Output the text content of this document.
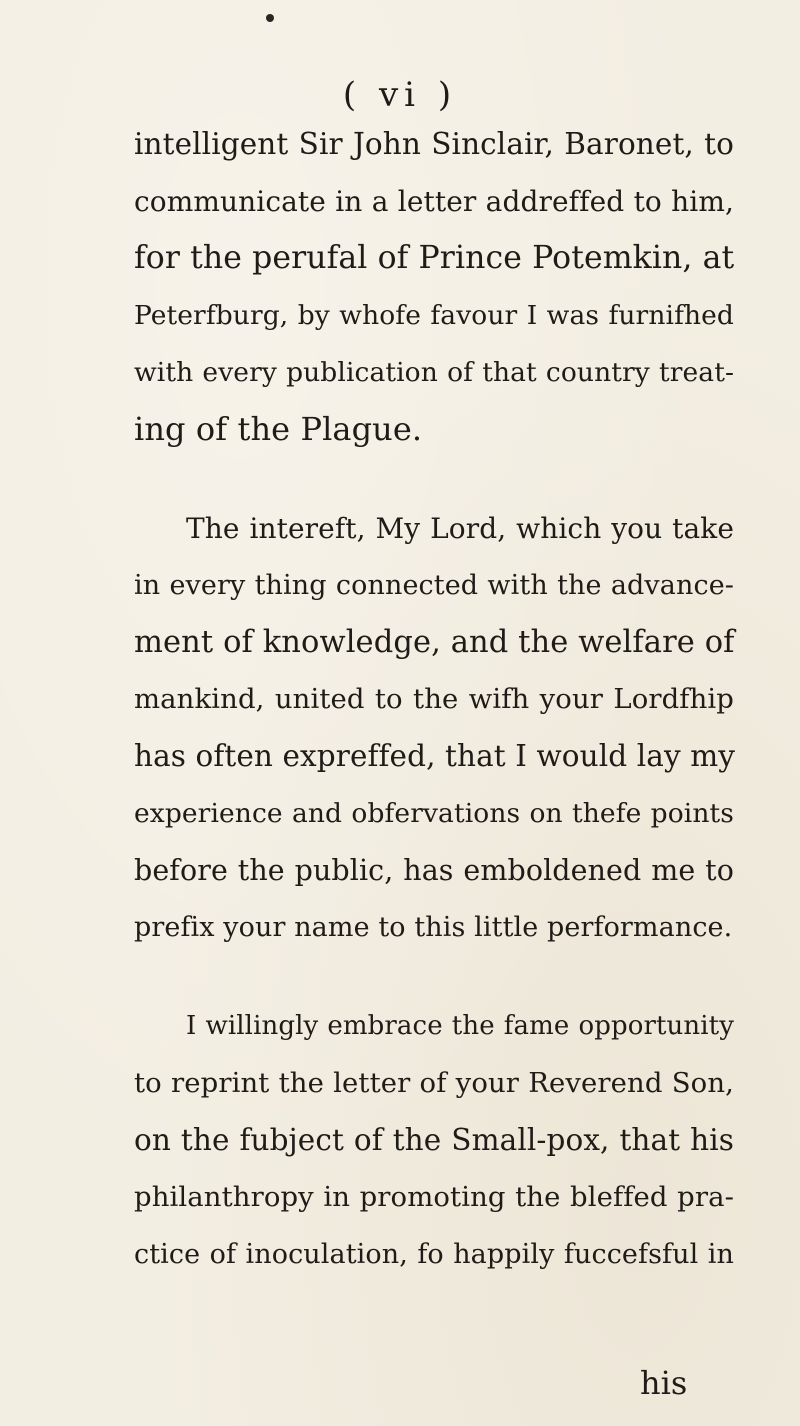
( vi )
intelligent Sir John Sinclair, Baronet, to
communicate in a letter addreffed to him,
for the perufal of Prince Potemkin, at
Peterfburg, by whofe favour I was furnifhed
with every publication of that country treat-
ing of the Plague.
The intereft, My Lord, which you take
in every thing connected with the advance-
ment of knowledge, and the welfare of
mankind, united to the wifh your Lordfhip
has often expreffed, that I would lay my
experience and obfervations on thefe points
before the public, has emboldened me to
prefix your name to this little performance.
I willingly embrace the fame opportunity
to reprint the letter of your Reverend Son,
on the fubject of the Small-pox, that his
philanthropy in promoting the bleffed pra-
ctice of inoculation, fo happily fuccefsful in
his
